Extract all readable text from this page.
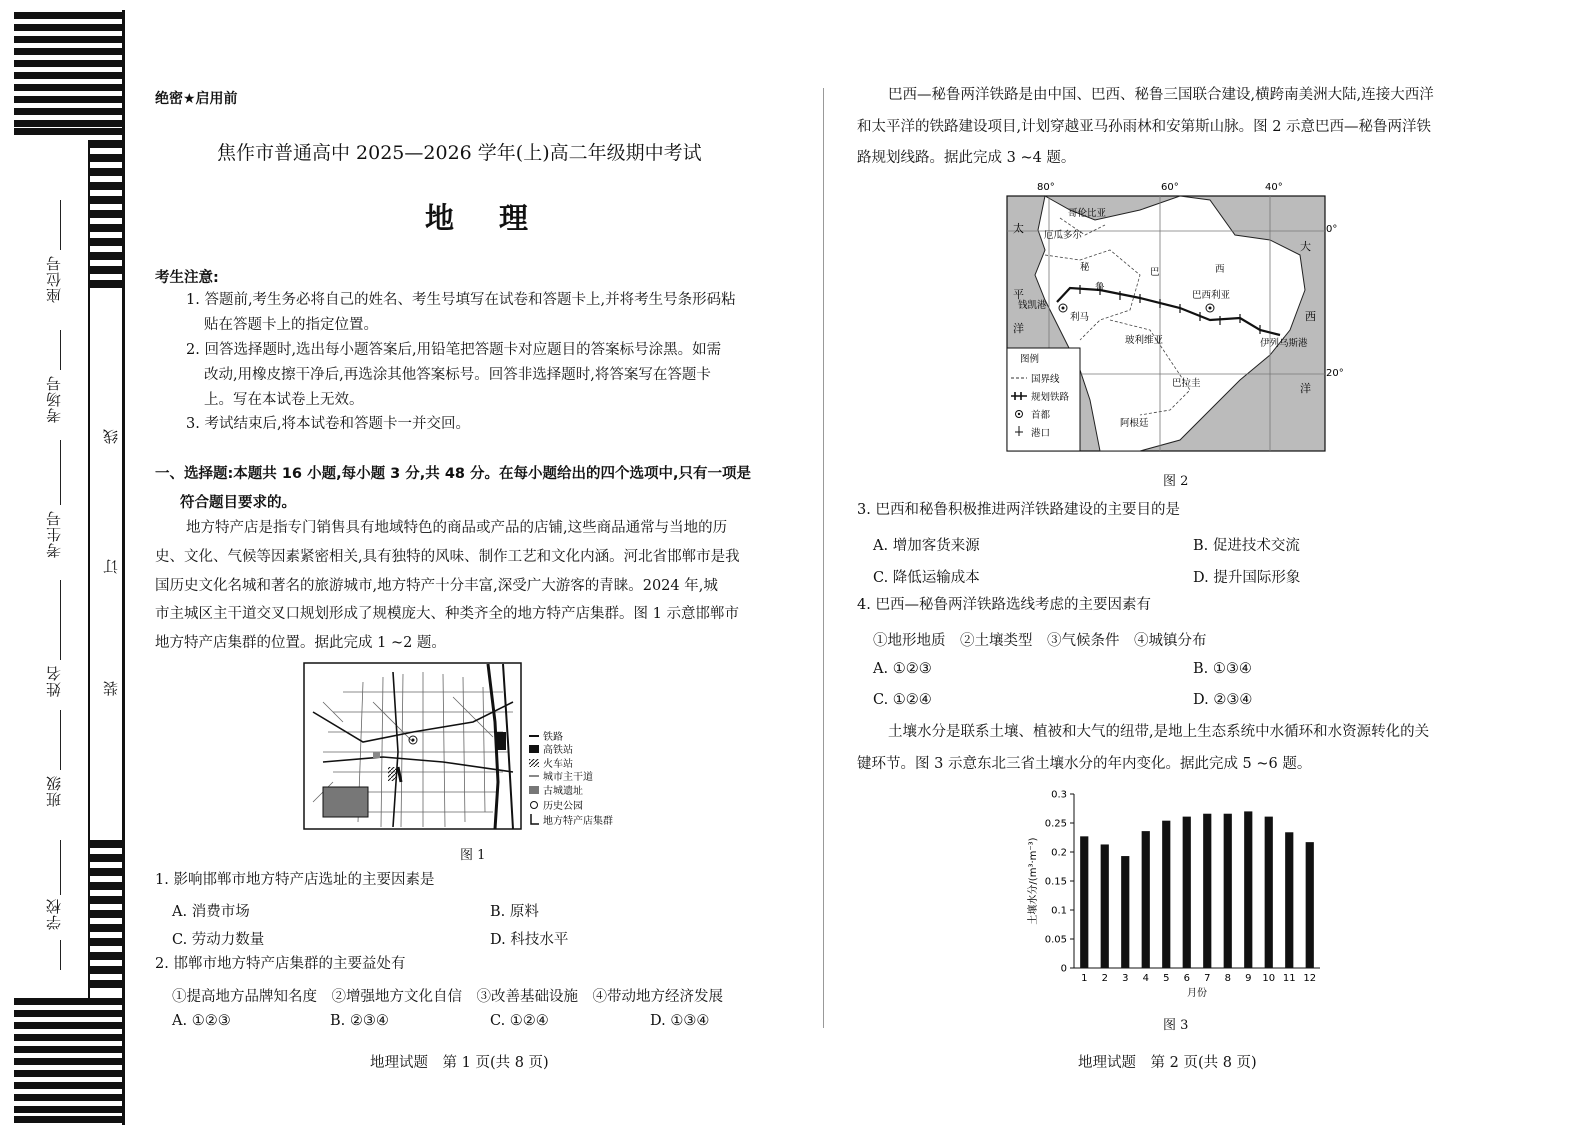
座位号
考场号
考生号
姓名
班级
学校
线
订
装
绝密★启用前
焦作市普通高中 2025—2026 学年(上)高二年级期中考试
地　理
考生注意:
1. 答题前,考生务必将自己的姓名、考生号填写在试卷和答题卡上,并将考生号条形码粘
贴在答题卡上的指定位置。
2. 回答选择题时,选出每小题答案后,用铅笔把答题卡对应题目的答案标号涂黑。如需
改动,用橡皮擦干净后,再选涂其他答案标号。回答非选择题时,将答案写在答题卡
上。写在本试卷上无效。
3. 考试结束后,将本试卷和答题卡一并交回。
一、选择题:本题共 16 小题,每小题 3 分,共 48 分。在每小题给出的四个选项中,只有一项是
符合题目要求的。
地方特产店是指专门销售具有地域特色的商品或产品的店铺,这些商品通常与当地的历
史、文化、气候等因素紧密相关,具有独特的风味、制作工艺和文化内涵。河北省邯郸市是我
国历史文化名城和著名的旅游城市,地方特产十分丰富,深受广大游客的青睐。2024 年,城
市主城区主干道交叉口规划形成了规模庞大、种类齐全的地方特产店集群。图 1 示意邯郸市
地方特产店集群的位置。据此完成 1 ~2 题。
铁路
高铁站
火车站
城市主干道
古城遗址
历史公园
地方特产店集群
图 1
1. 影响邯郸市地方特产店选址的主要因素是
A. 消费市场	B. 原料
C. 劳动力数量	D. 科技水平
2. 邯郸市地方特产店集群的主要益处有
①提高地方品牌知名度　②增强地方文化自信　③改善基础设施　④带动地方经济发展
A. ①②③	B. ②③④	C. ①②④	D. ①③④
地理试题　第 1 页(共 8 页)
巴西—秘鲁两洋铁路是由中国、巴西、秘鲁三国联合建设,横跨南美洲大陆,连接大西洋
和太平洋的铁路建设项目,计划穿越亚马孙雨林和安第斯山脉。图 2 示意巴西—秘鲁两洋铁
路规划线路。据此完成 3 ~4 题。
80°	60°	40°
0°
20°
哥伦比亚
厄瓜多尔
秘
鲁
巴	西
巴西利亚
利马
钱凯港
伊列乌斯港
玻利维亚
巴拉圭
阿根廷
大
西
洋
太
平
洋
图例
国界线
规划铁路
首都
港口
图 2
3. 巴西和秘鲁积极推进两洋铁路建设的主要目的是
A. 增加客货来源	B. 促进技术交流
C. 降低运输成本	D. 提升国际形象
4. 巴西—秘鲁两洋铁路选线考虑的主要因素有
①地形地质　②土壤类型　③气候条件　④城镇分布
A. ①②③	B. ①③④
C. ①②④	D. ②③④
土壤水分是联系土壤、植被和大气的纽带,是地上生态系统中水循环和水资源转化的关
键环节。图 3 示意东北三省土壤水分的年内变化。据此完成 5 ~6 题。
0
0.05
0.1
0.15
0.2
0.25
0.3
1 2 3 4 5 6 7 8 9 10 11 12
月份
土壤水分/(m³·m⁻³)
图 3
地理试题　第 2 页(共 8 页)
